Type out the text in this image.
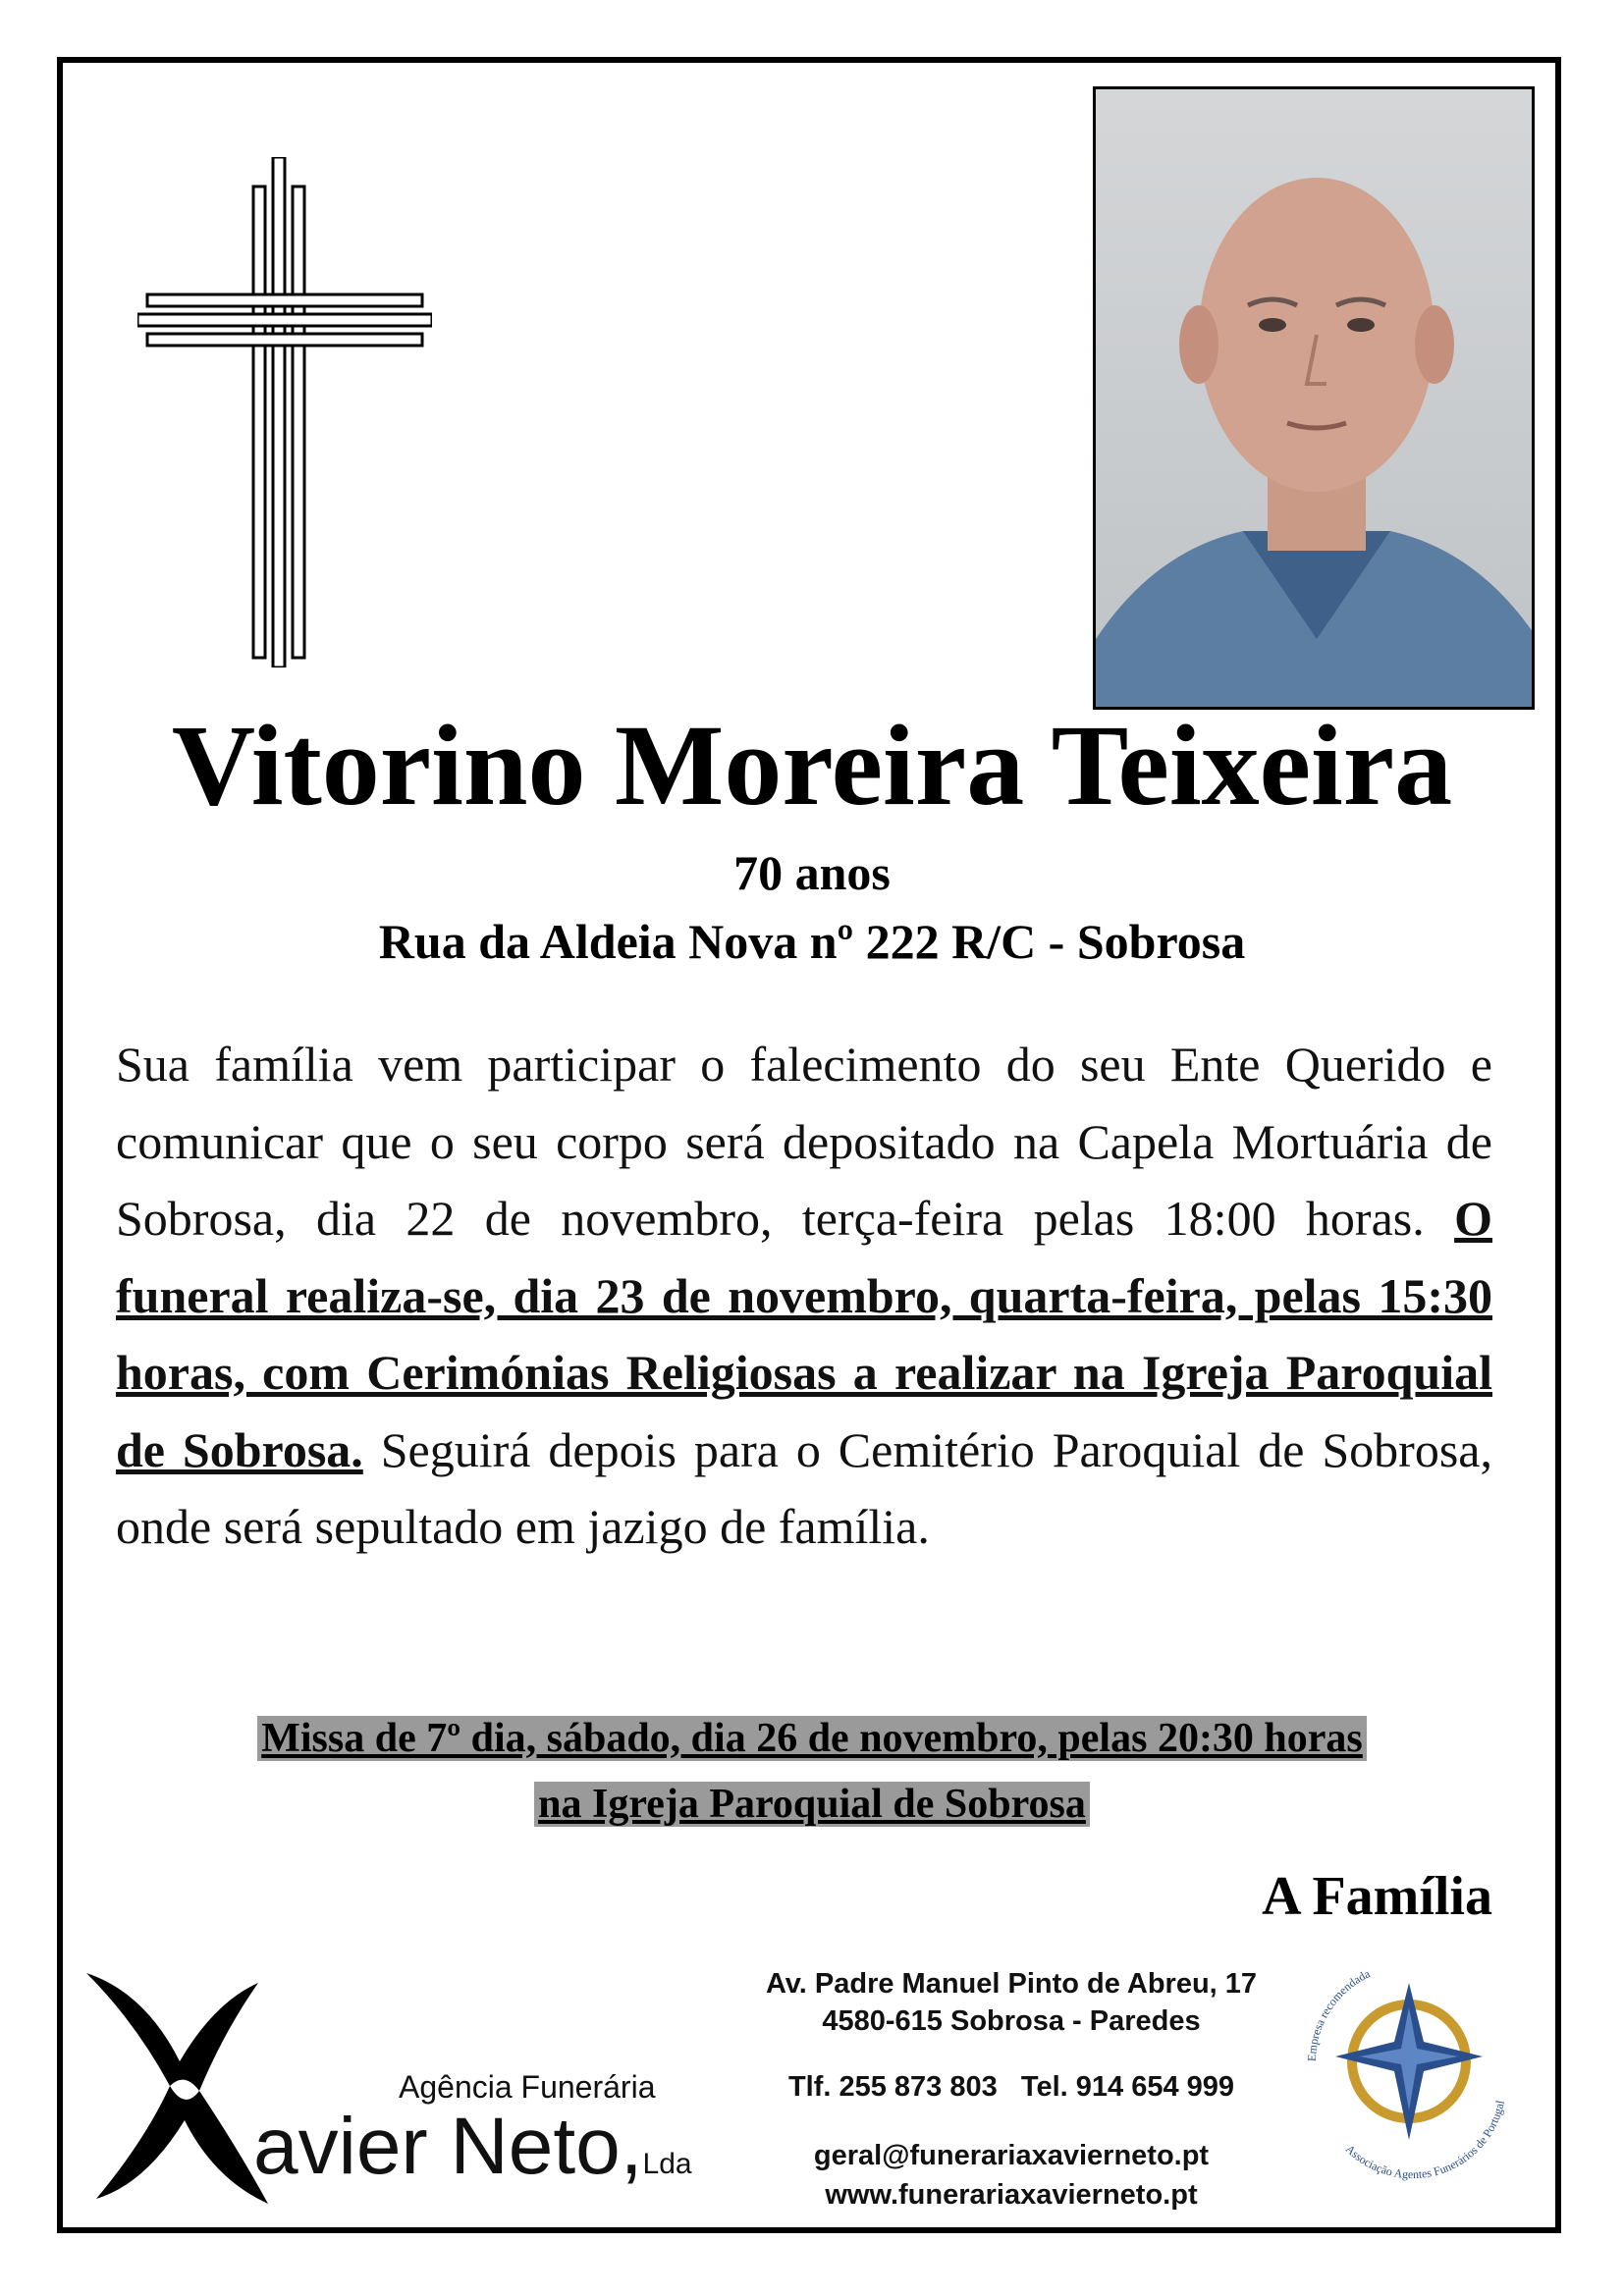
Vitorino Moreira Teixeira
70 anos
Rua da Aldeia Nova nº 222 R/C - Sobrosa
Sua família vem participar o falecimento do seu Ente Querido e comunicar que o seu corpo será depositado na Capela Mortuária de Sobrosa, dia 22 de novembro, terça-feira pelas 18:00 horas. O funeral realiza-se, dia 23 de novembro, quarta-feira, pelas 15:30 horas, com Cerimónias Religiosas a realizar na Igreja Paroquial de Sobrosa. Seguirá depois para o Cemitério Paroquial de Sobrosa, onde será sepultado em jazigo de família.
Missa de 7º dia, sábado, dia 26 de novembro, pelas 20:30 horas
na Igreja Paroquial de Sobrosa
A Família
Agência Funerária
avier Neto,Lda
Av. Padre Manuel Pinto de Abreu, 17
4580-615 Sobrosa - Paredes
Tlf. 255 873 803   Tel. 914 654 999
geral@funerariaxavierneto.pt
www.funerariaxavierneto.pt
Empresa recomendada
Associação Agentes Funerários de Portugal
